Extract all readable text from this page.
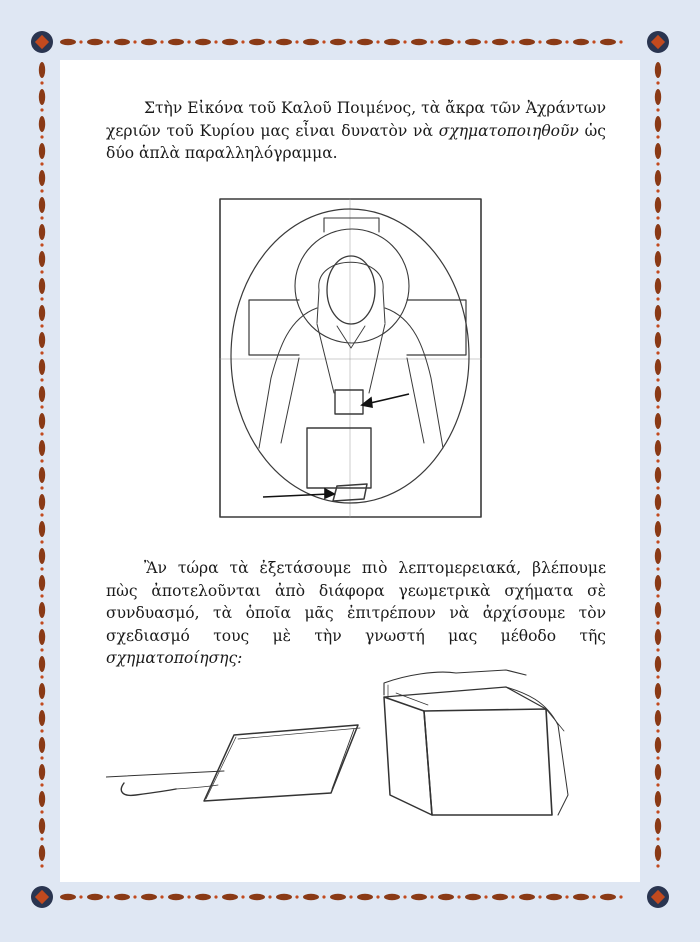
Στὴν Εἰκόνα τοῦ Καλοῦ Ποιμένος, τὰ ἄκρα τῶν Ἀχράντων χεριῶν τοῦ Κυρίου μας εἶναι δυνατὸν νὰ σχηματοποιηθοῦν ὡς δύο ἁπλὰ παραλληλόγραμμα.

Ἂν τώρα τὰ ἐξετάσουμε πιὸ λεπτομερειακά, βλέπουμε πὼς ἀποτελοῦνται ἀπὸ διάφορα γεωμετρικὰ σχήματα σὲ συνδυασμό, τὰ ὁποῖα μᾶς ἐπιτρέπουν νὰ ἀρχίσουμε τὸν σχεδιασμό τους μὲ τὴν γνωστή μας μέθοδο τῆς σχηματοποίησης:
